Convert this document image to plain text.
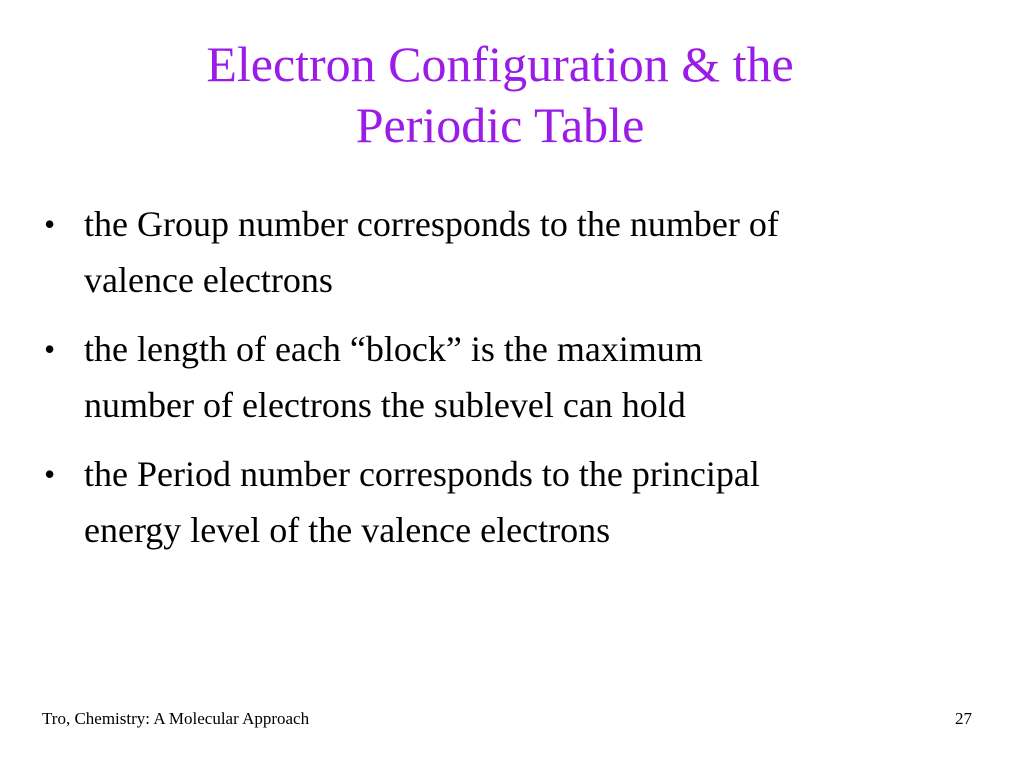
Electron Configuration & the
Periodic Table
• the Group number corresponds to the number of
valence electrons
• the length of each “block” is the maximum
number of electrons the sublevel can hold
• the Period number corresponds to the principal
energy level of the valence electrons
Tro, Chemistry: A Molecular Approach	27
